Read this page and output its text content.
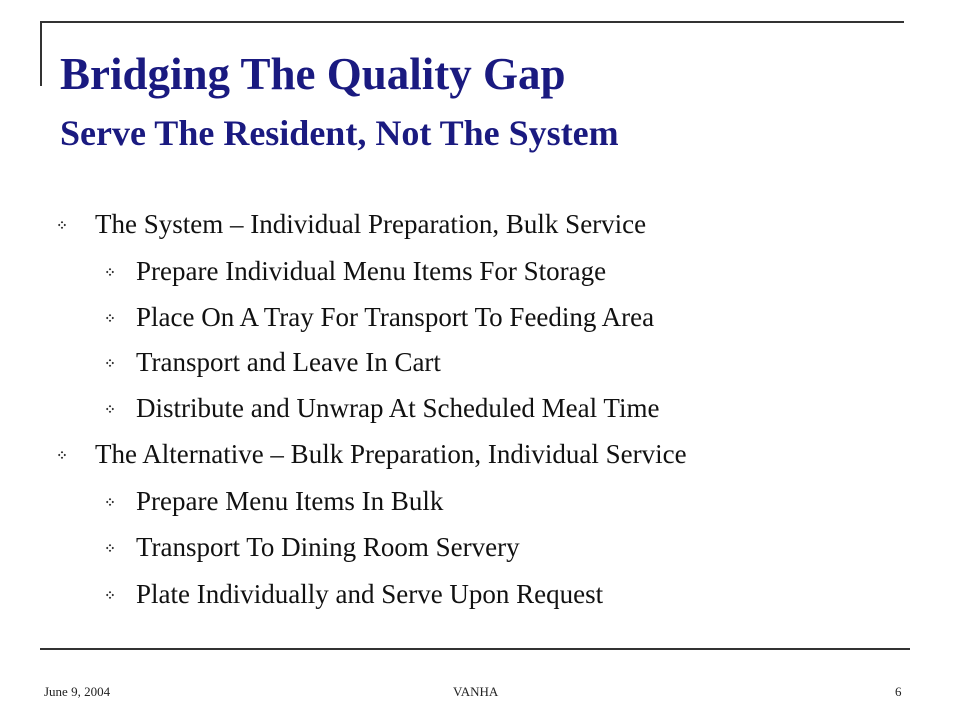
Bridging The Quality Gap
Serve The Resident, Not The System
The System – Individual Preparation, Bulk Service
Prepare Individual Menu Items For Storage
Place On A Tray For Transport To Feeding Area
Transport and Leave In Cart
Distribute and Unwrap At Scheduled Meal Time
The Alternative – Bulk Preparation, Individual Service
Prepare Menu Items In Bulk
Transport To Dining Room Servery
Plate Individually and Serve Upon Request
June 9, 2004	VANHA	6
